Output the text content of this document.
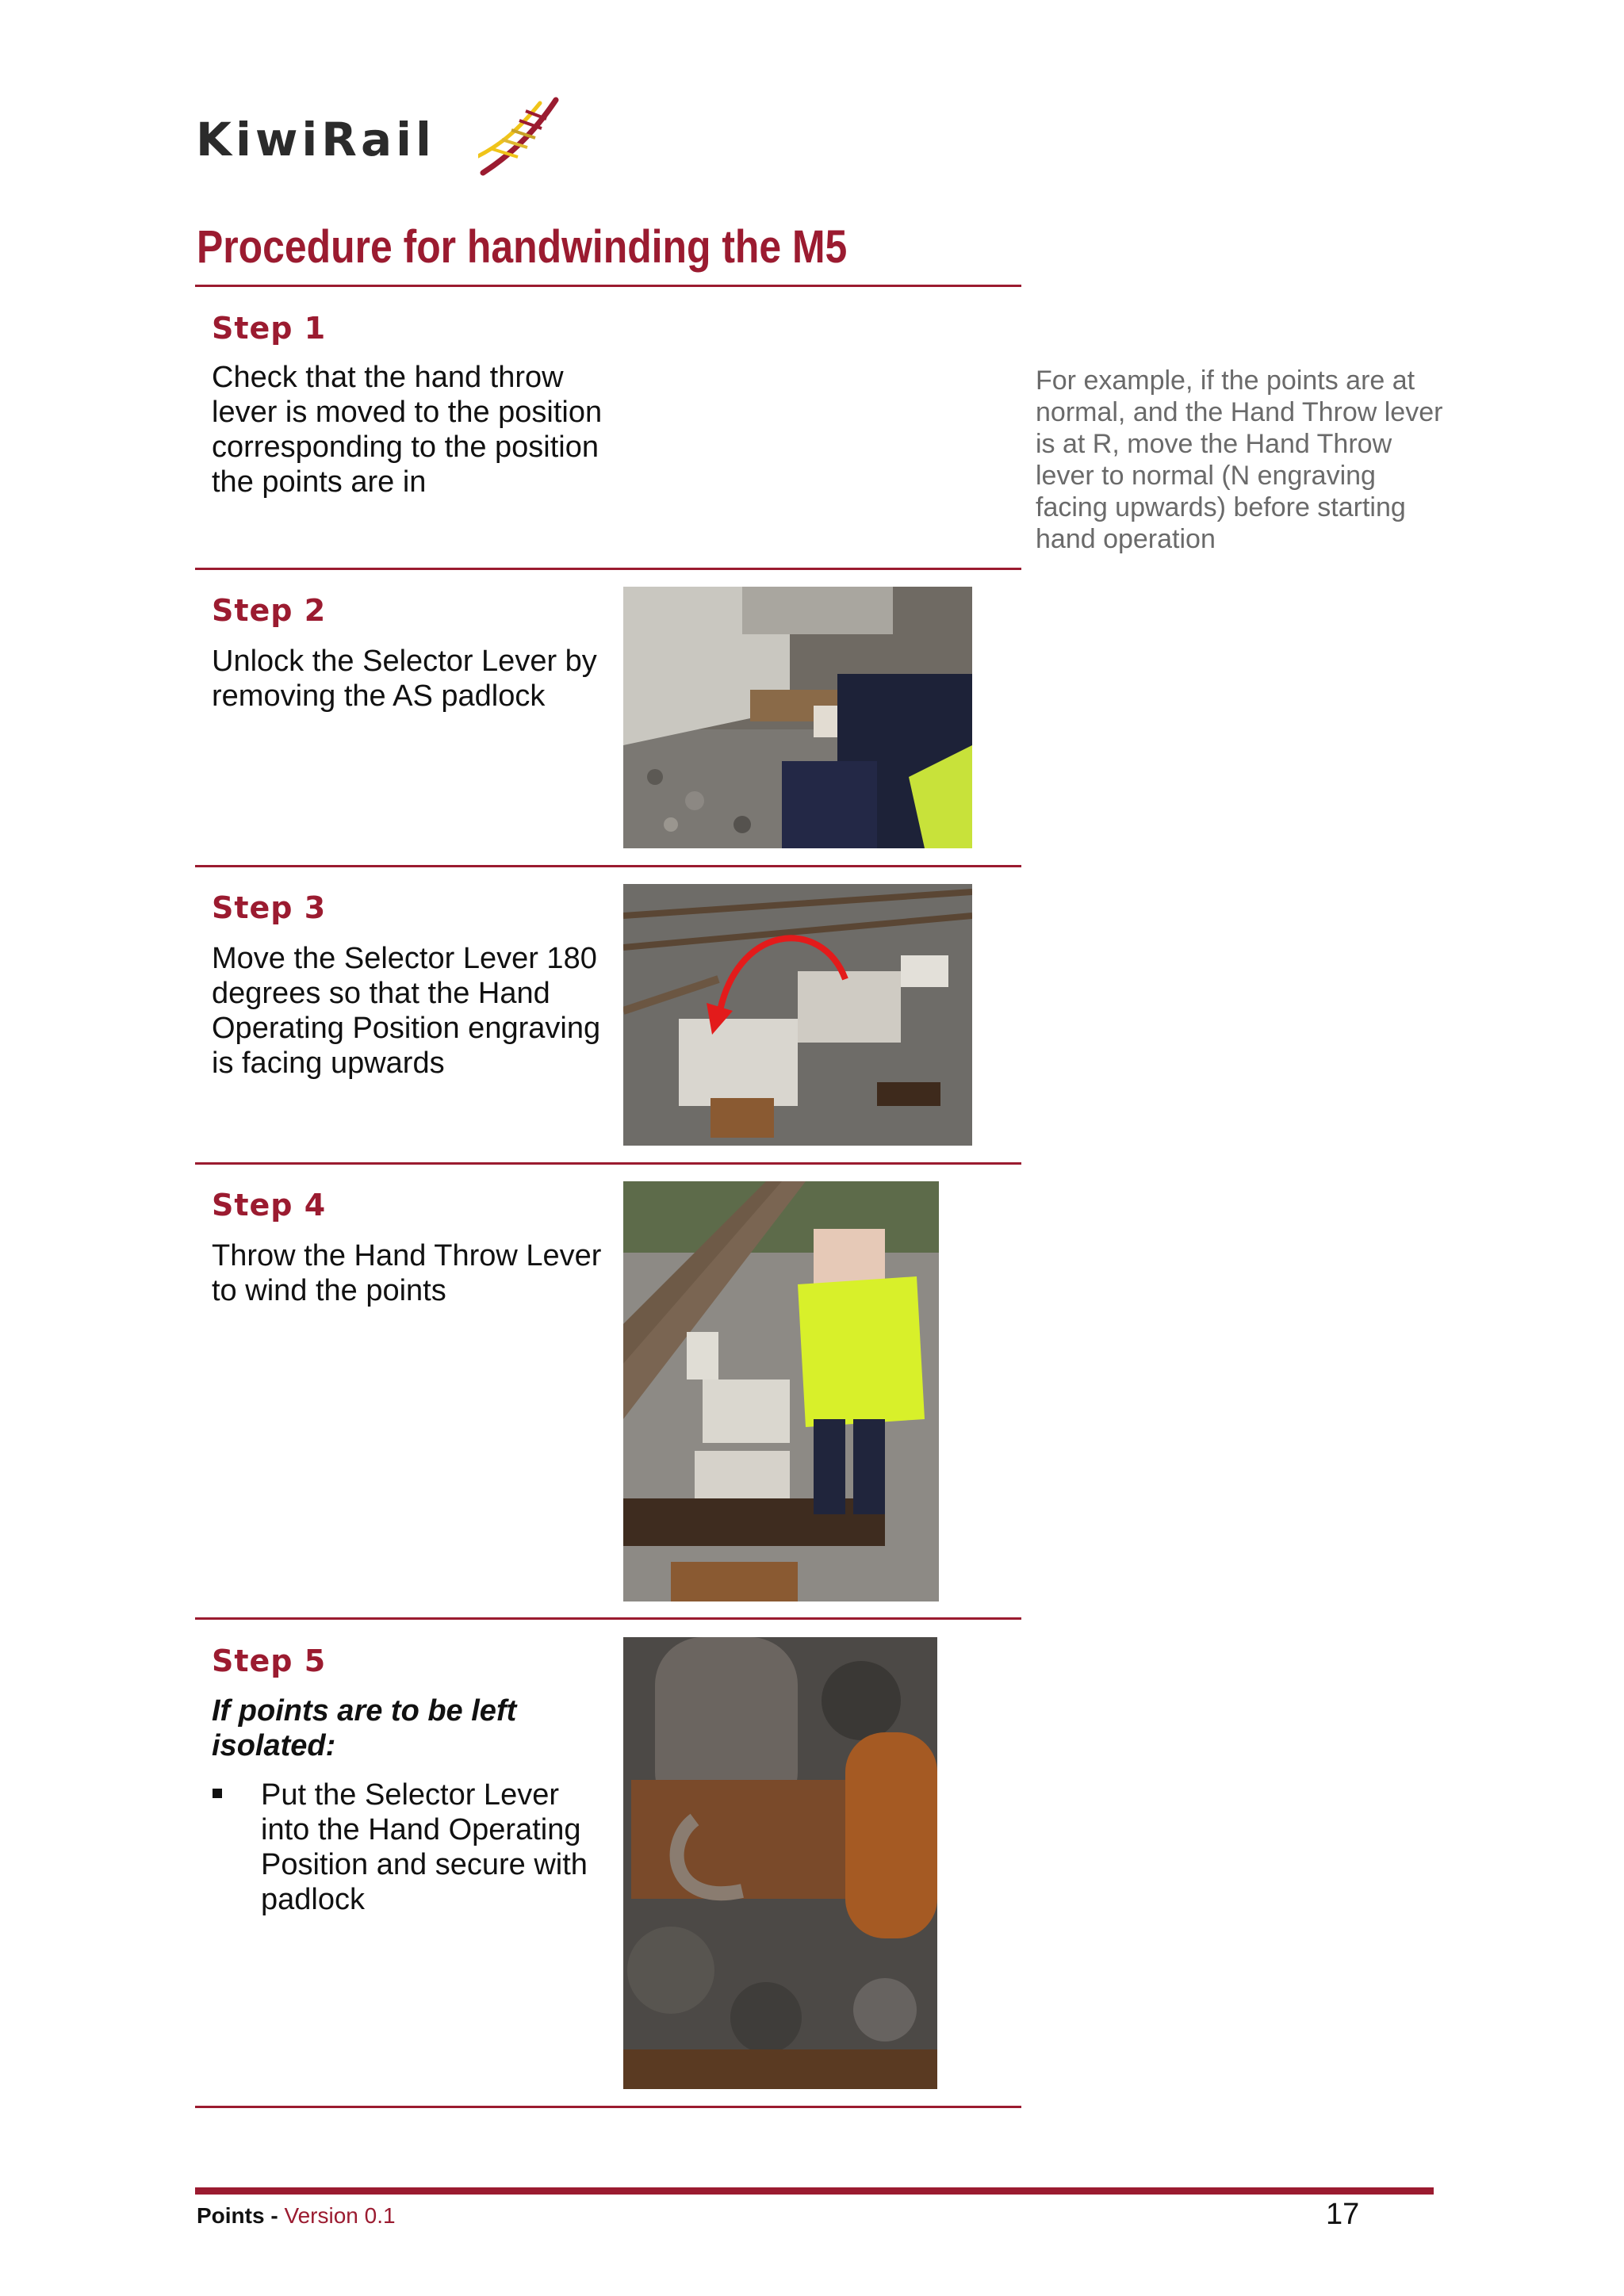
KiwiRail
Procedure for handwinding the M5
Step 1
Check that the hand throw lever is moved to the position corresponding to the position the points are in
For example, if the points are at normal, and the Hand Throw lever is at R, move the Hand Throw lever to normal (N engraving facing upwards) before starting hand operation
Step 2
Unlock the Selector Lever by removing the AS padlock
Step 3
Move the Selector Lever 180 degrees so that the Hand Operating Position engraving is facing upwards
Step 4
Throw the Hand Throw Lever to wind the points
Step 5
If points are to be left isolated:
Put the Selector Lever into the Hand Operating Position and secure with padlock
Points - Version 0.1	17
